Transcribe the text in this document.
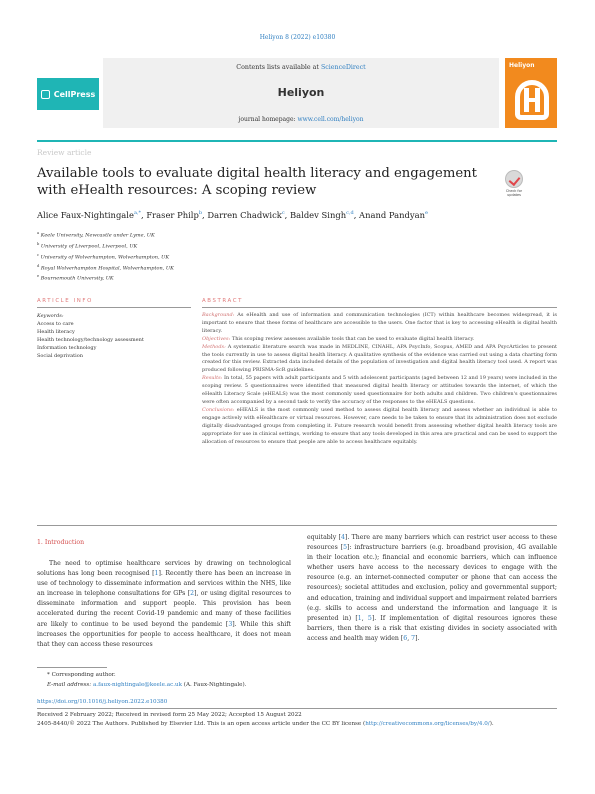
Heliyon 8 (2022) e10380
CellPress
Contents lists available at ScienceDirect
Heliyon
journal homepage: www.cell.com/heliyon
Heliyon
Review article
Available tools to evaluate digital health literacy and engagement with eHealth resources: A scoping review	Check for updates
Alice Faux-Nightingale$^{a,*}$, Fraser Philp$^b$, Darren Chadwick$^c$, Baldev Singh$^{c,d}$, Anand Pandyan$^e$
$^a$ Keele University, Newcastle under Lyme, UK
$^b$ University of Liverpool, Liverpool, UK
$^c$ University of Wolverhampton, Wolverhampton, UK
$^d$ Royal Wolverhampton Hospital, Wolverhampton, UK
$^e$ Bournemouth University, UK
ARTICLE INFO	ABSTRACT
Keywords:
Access to care
Health literacy
Health technology/technology assessment
Information technology
Social deprivation

Background: As eHealth and use of information and communication technologies (ICT) within healthcare becomes widespread, it is important to ensure that these forms of healthcare are accessible to the users. One factor that is key to accessing eHealth is digital health literacy.

Objectives: This scoping review assesses available tools that can be used to evaluate digital health literacy.

Methods: A systematic literature search was made in MEDLINE, CINAHL, APA PsycInfo, Scopus, AMED and APA PsycArticles to present the tools currently in use to assess digital health literacy. A qualitative synthesis of the evidence was carried out using a data charting form created for this review. Extracted data included details of the population of investigation and digital health literacy tool used. A report was produced following PRISMA-ScR guidelines.

Results: In total, 55 papers with adult participants and 5 with adolescent participants (aged between 12 and 19 years) were included in the scoping review. 5 questionnaires were identified that measured digital health literacy or attitudes towards the internet, of which the eHealth Literacy Scale (eHEALS) was the most commonly used questionnaire for both adults and children. Two children's questionnaires were often accompanied by a second task to verify the accuracy of the responses to the eHEALS questions.

Conclusions: eHEALS is the most commonly used method to assess digital health literacy and assess whether an individual is able to engage actively with eHealthcare or virtual resources. However, care needs to be taken to ensure that its administration does not exclude digitally disadvantaged groups from completing it. Future research would benefit from assessing whether digital health literacy tools are appropriate for use in clinical settings, working to ensure that any tools developed in this area are practical and can be used to support the allocation of resources to ensure that people are able to access healthcare equitably.

1. Introduction
The need to optimise healthcare services by drawing on technological solutions has long been recognised [1]. Recently there has been an increase in use of technology to disseminate information and services within the NHS, like an increase in telephone consultations for GPs [2], or using digital resources to disseminate information and support people. This provision has been accelerated during the recent Covid-19 pandemic and many of these facilities are likely to continue to be used beyond the pandemic [3]. While this shift increases the opportunities for people to access healthcare, it does not mean that they can access these resources
equitably [4]. There are many barriers which can restrict user access to these resources [5]: infrastructure barriers (e.g. broadband provision, 4G available in their location etc.); financial and economic barriers, which can influence whether users have access to the necessary devices to engage with the resource (e.g. an internet-connected computer or phone that can access the resources); societal attitudes and exclusion, policy and governmental support; and education, training and individual support and impairment related barriers (e.g. skills to access and understand the information and language it is presented in) [1, 5]. If implementation of digital resources ignores these barriers, then there is a risk that existing divides in society associated with access and health may widen [6, 7].
* Corresponding author.
E-mail address: a.faux-nightingale@keele.ac.uk (A. Faux-Nightingale).
https://doi.org/10.1016/j.heliyon.2022.e10380
Received 2 February 2022; Received in revised form 25 May 2022; Accepted 15 August 2022
2405-8440/© 2022 The Authors. Published by Elsevier Ltd. This is an open access article under the CC BY license (http://creativecommons.org/licenses/by/4.0/).
